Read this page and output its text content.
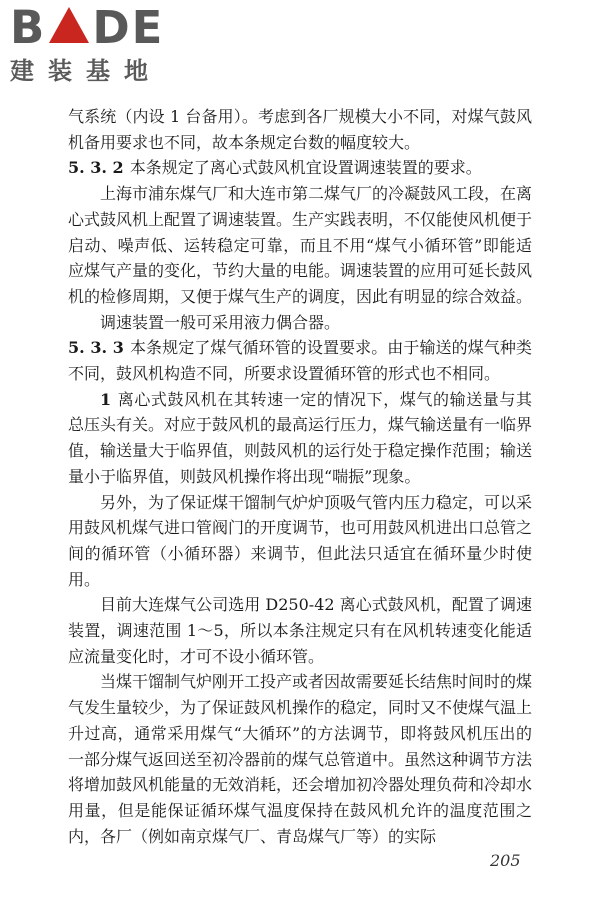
B DE
建装基地

气系统（内设 1 台备用）。考虑到各厂规模大小不同，对煤气鼓风机备用要求也不同，故本条规定台数的幅度较大。

5. 3. 2 本条规定了离心式鼓风机宜设置调速装置的要求。

上海市浦东煤气厂和大连市第二煤气厂的冷凝鼓风工段，在离心式鼓风机上配置了调速装置。生产实践表明，不仅能使风机便于启动、噪声低、运转稳定可靠，而且不用“煤气小循环管”即能适应煤气产量的变化，节约大量的电能。调速装置的应用可延长鼓风机的检修周期，又便于煤气生产的调度，因此有明显的综合效益。

调速装置一般可采用液力偶合器。

5. 3. 3 本条规定了煤气循环管的设置要求。由于输送的煤气种类不同，鼓风机构造不同，所要求设置循环管的形式也不相同。

1 离心式鼓风机在其转速一定的情况下，煤气的输送量与其总压头有关。对应于鼓风机的最高运行压力，煤气输送量有一临界值，输送量大于临界值，则鼓风机的运行处于稳定操作范围；输送量小于临界值，则鼓风机操作将出现“喘振”现象。

另外，为了保证煤干馏制气炉炉顶吸气管内压力稳定，可以采用鼓风机煤气进口管阀门的开度调节，也可用鼓风机进出口总管之间的循环管（小循环器）来调节，但此法只适宜在循环量少时使用。

目前大连煤气公司选用 D250-42 离心式鼓风机，配置了调速装置，调速范围 1～5，所以本条注规定只有在风机转速变化能适应流量变化时，才可不设小循环管。

当煤干馏制气炉刚开工投产或者因故需要延长结焦时间时的煤气发生量较少，为了保证鼓风机操作的稳定，同时又不使煤气温上升过高，通常采用煤气“大循环”的方法调节，即将鼓风机压出的一部分煤气返回送至初冷器前的煤气总管道中。虽然这种调节方法将增加鼓风机能量的无效消耗，还会增加初冷器处理负荷和冷却水用量，但是能保证循环煤气温度保持在鼓风机允许的温度范围之内，各厂（例如南京煤气厂、青岛煤气厂等）的实际

205
